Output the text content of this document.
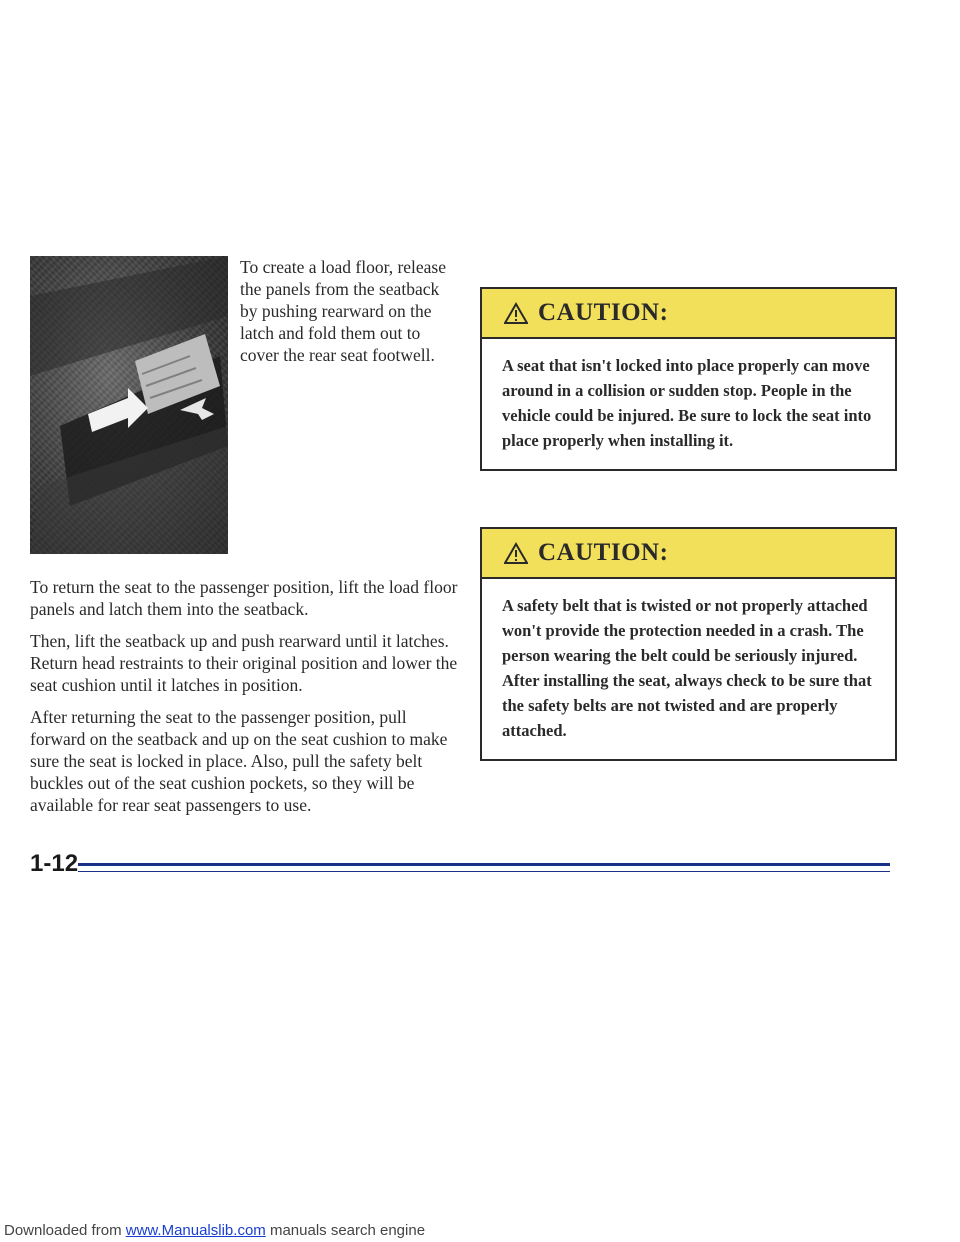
To create a load floor, release the panels from the seatback by pushing rearward on the latch and fold them out to cover the rear seat footwell.

To return the seat to the passenger position, lift the load floor panels and latch them into the seatback.

Then, lift the seatback up and push rearward until it latches. Return head restraints to their original position and lower the seat cushion until it latches in position.

After returning the seat to the passenger position, pull forward on the seatback and up on the seat cushion to make sure the seat is locked in place. Also, pull the safety belt buckles out of the seat cushion pockets, so they will be available for rear seat passengers to use.

CAUTION:

A seat that isn't locked into place properly can move around in a collision or sudden stop. People in the vehicle could be injured. Be sure to lock the seat into place properly when installing it.

CAUTION:

A safety belt that is twisted or not properly attached won't provide the protection needed in a crash. The person wearing the belt could be seriously injured. After installing the seat, always check to be sure that the safety belts are not twisted and are properly attached.

1-12
Downloaded from www.Manualslib.com manuals search engine
